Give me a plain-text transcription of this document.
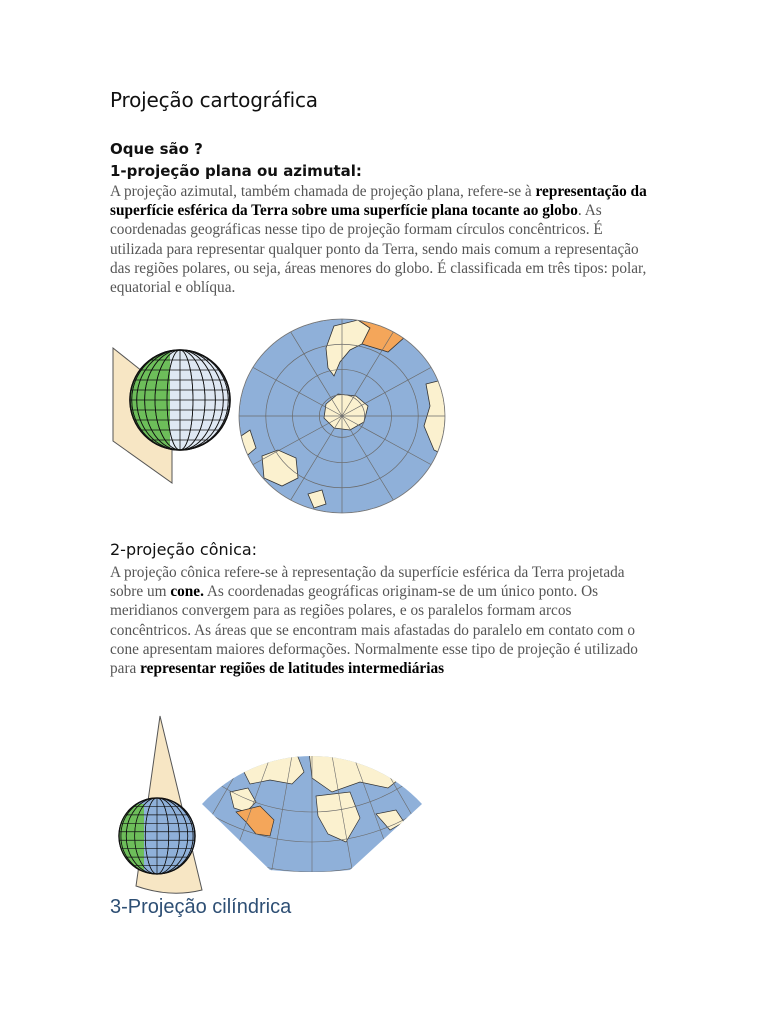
Projeção cartográfica
Oque são ?
1-projeção plana ou azimutal:

A projeção azimutal, também chamada de projeção plana, refere-se à representação da superfície esférica da Terra sobre uma superfície plana tocante ao globo. As coordenadas geográficas nesse tipo de projeção formam círculos concêntricos. É utilizada para representar qualquer ponto da Terra, sendo mais comum a representação das regiões polares, ou seja, áreas menores do globo. É classificada em três tipos: polar, equatorial e oblíqua.

2-projeção cônica:

A projeção cônica refere-se à representação da superfície esférica da Terra projetada sobre um cone. As coordenadas geográficas originam-se de um único ponto. Os meridianos convergem para as regiões polares, e os paralelos formam arcos concêntricos. As áreas que se encontram mais afastadas do paralelo em contato com o cone apresentam maiores deformações. Normalmente esse tipo de projeção é utilizado para representar regiões de latitudes intermediárias

3-Projeção cilíndrica
